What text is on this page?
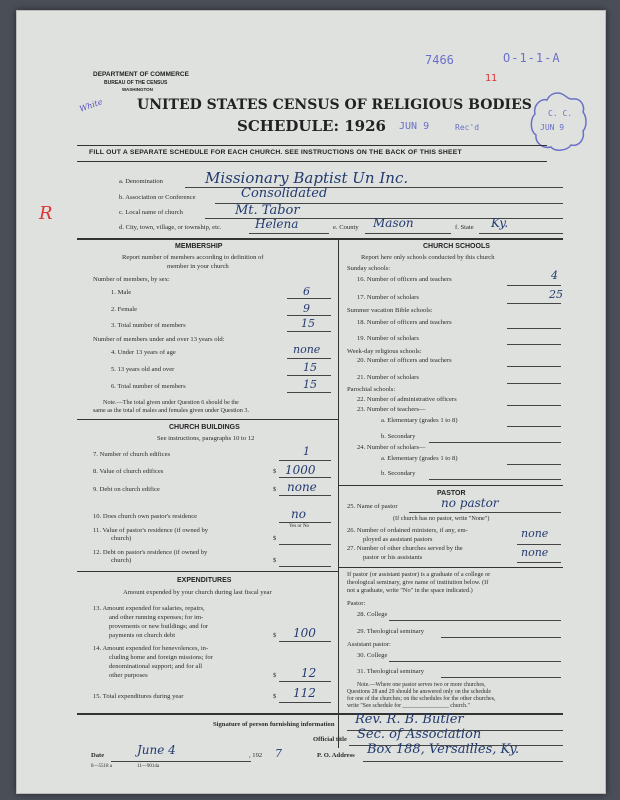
7466	O-1-1-A
11
White
R
C. C.
JUN 9
DEPARTMENT OF COMMERCE
BUREAU OF THE CENSUS
WASHINGTON
UNITED STATES CENSUS OF RELIGIOUS BODIES
SCHEDULE: 1926 JUN 9	Rec'd
FILL OUT A SEPARATE SCHEDULE FOR EACH CHURCH. SEE INSTRUCTIONS ON THE BACK OF THIS SHEET
a. Denomination	Missionary Baptist Un Inc.
b. Association or Conference	Consolidated
c. Local name of church	Mt. Tabor
d. City, town, village, or township, etc.	Helena	e. County Mason	f. State Ky.
MEMBERSHIP
Report number of members according to definition of
member in your church
Number of members, by sex:
1. Male	6
2. Female	9
3. Total number of members	15
Number of members under and over 13 years old:
4. Under 13 years of age	none
5. 13 years old and over	15
6. Total number of members	15
Note.—The total given under Question 6 should be the
same as the total of males and females given under Question 3.
CHURCH BUILDINGS
See instructions, paragraphs 10 to 12
7. Number of church edifices	1
8. Value of church edifices	$ 1000
9. Debt on church edifice	$ none
10. Does church own pastor's residence	no
Yes or No
11. Value of pastor's residence (if owned by
church)	$
12. Debt on pastor's residence (if owned by
church)	$
EXPENDITURES
Amount expended by your church during last fiscal year
13. Amount expended for salaries, repairs,
and other running expenses; for im-
provements or new buildings; and for
payments on church debt	$ 100
14. Amount expended for benevolences, in-
cluding home and foreign missions; for
denominational support; and for all
other purposes	$ 12
15. Total expenditures during year	$ 112
CHURCH SCHOOLS
Report here only schools conducted by this church
Sunday schools:
16. Number of officers and teachers	4
17. Number of scholars	25
Summer vacation Bible schools:
18. Number of officers and teachers
19. Number of scholars
Week-day religious schools:
20. Number of officers and teachers
21. Number of scholars
Parochial schools:
22. Number of administrative officers
23. Number of teachers—
a. Elementary (grades 1 to 8)
b. Secondary
24. Number of scholars—
a. Elementary (grades 1 to 8)
b. Secondary
PASTOR
25. Name of pastor	no pastor
(If church has no pastor, write "None")
26. Number of ordained ministers, if any, em-
ployed as assistant pastors	none
27. Number of other churches served by the
pastor or his assistants	none
If pastor (or assistant pastor) is a graduate of a college or
theological seminary, give name of institution below. (If
not a graduate, write "No" in the space indicated.)
Pastor:
28. College
29. Theological seminary
Assistant pastor:
30. College
31. Theological seminary
Note.—Where one pastor serves two or more churches,
Questions 28 and 29 should be answered only on the schedule
for one of the churches; on the schedules for the other churches,
write "See schedule for ________________ church."
Signature of person furnishing information Rev. R. B. Butler
Official title Sec. of Association
Date	June 4	, 192 7	P. O. Address Box 188, Versailles, Ky.
8—5518 a	11—9014a
